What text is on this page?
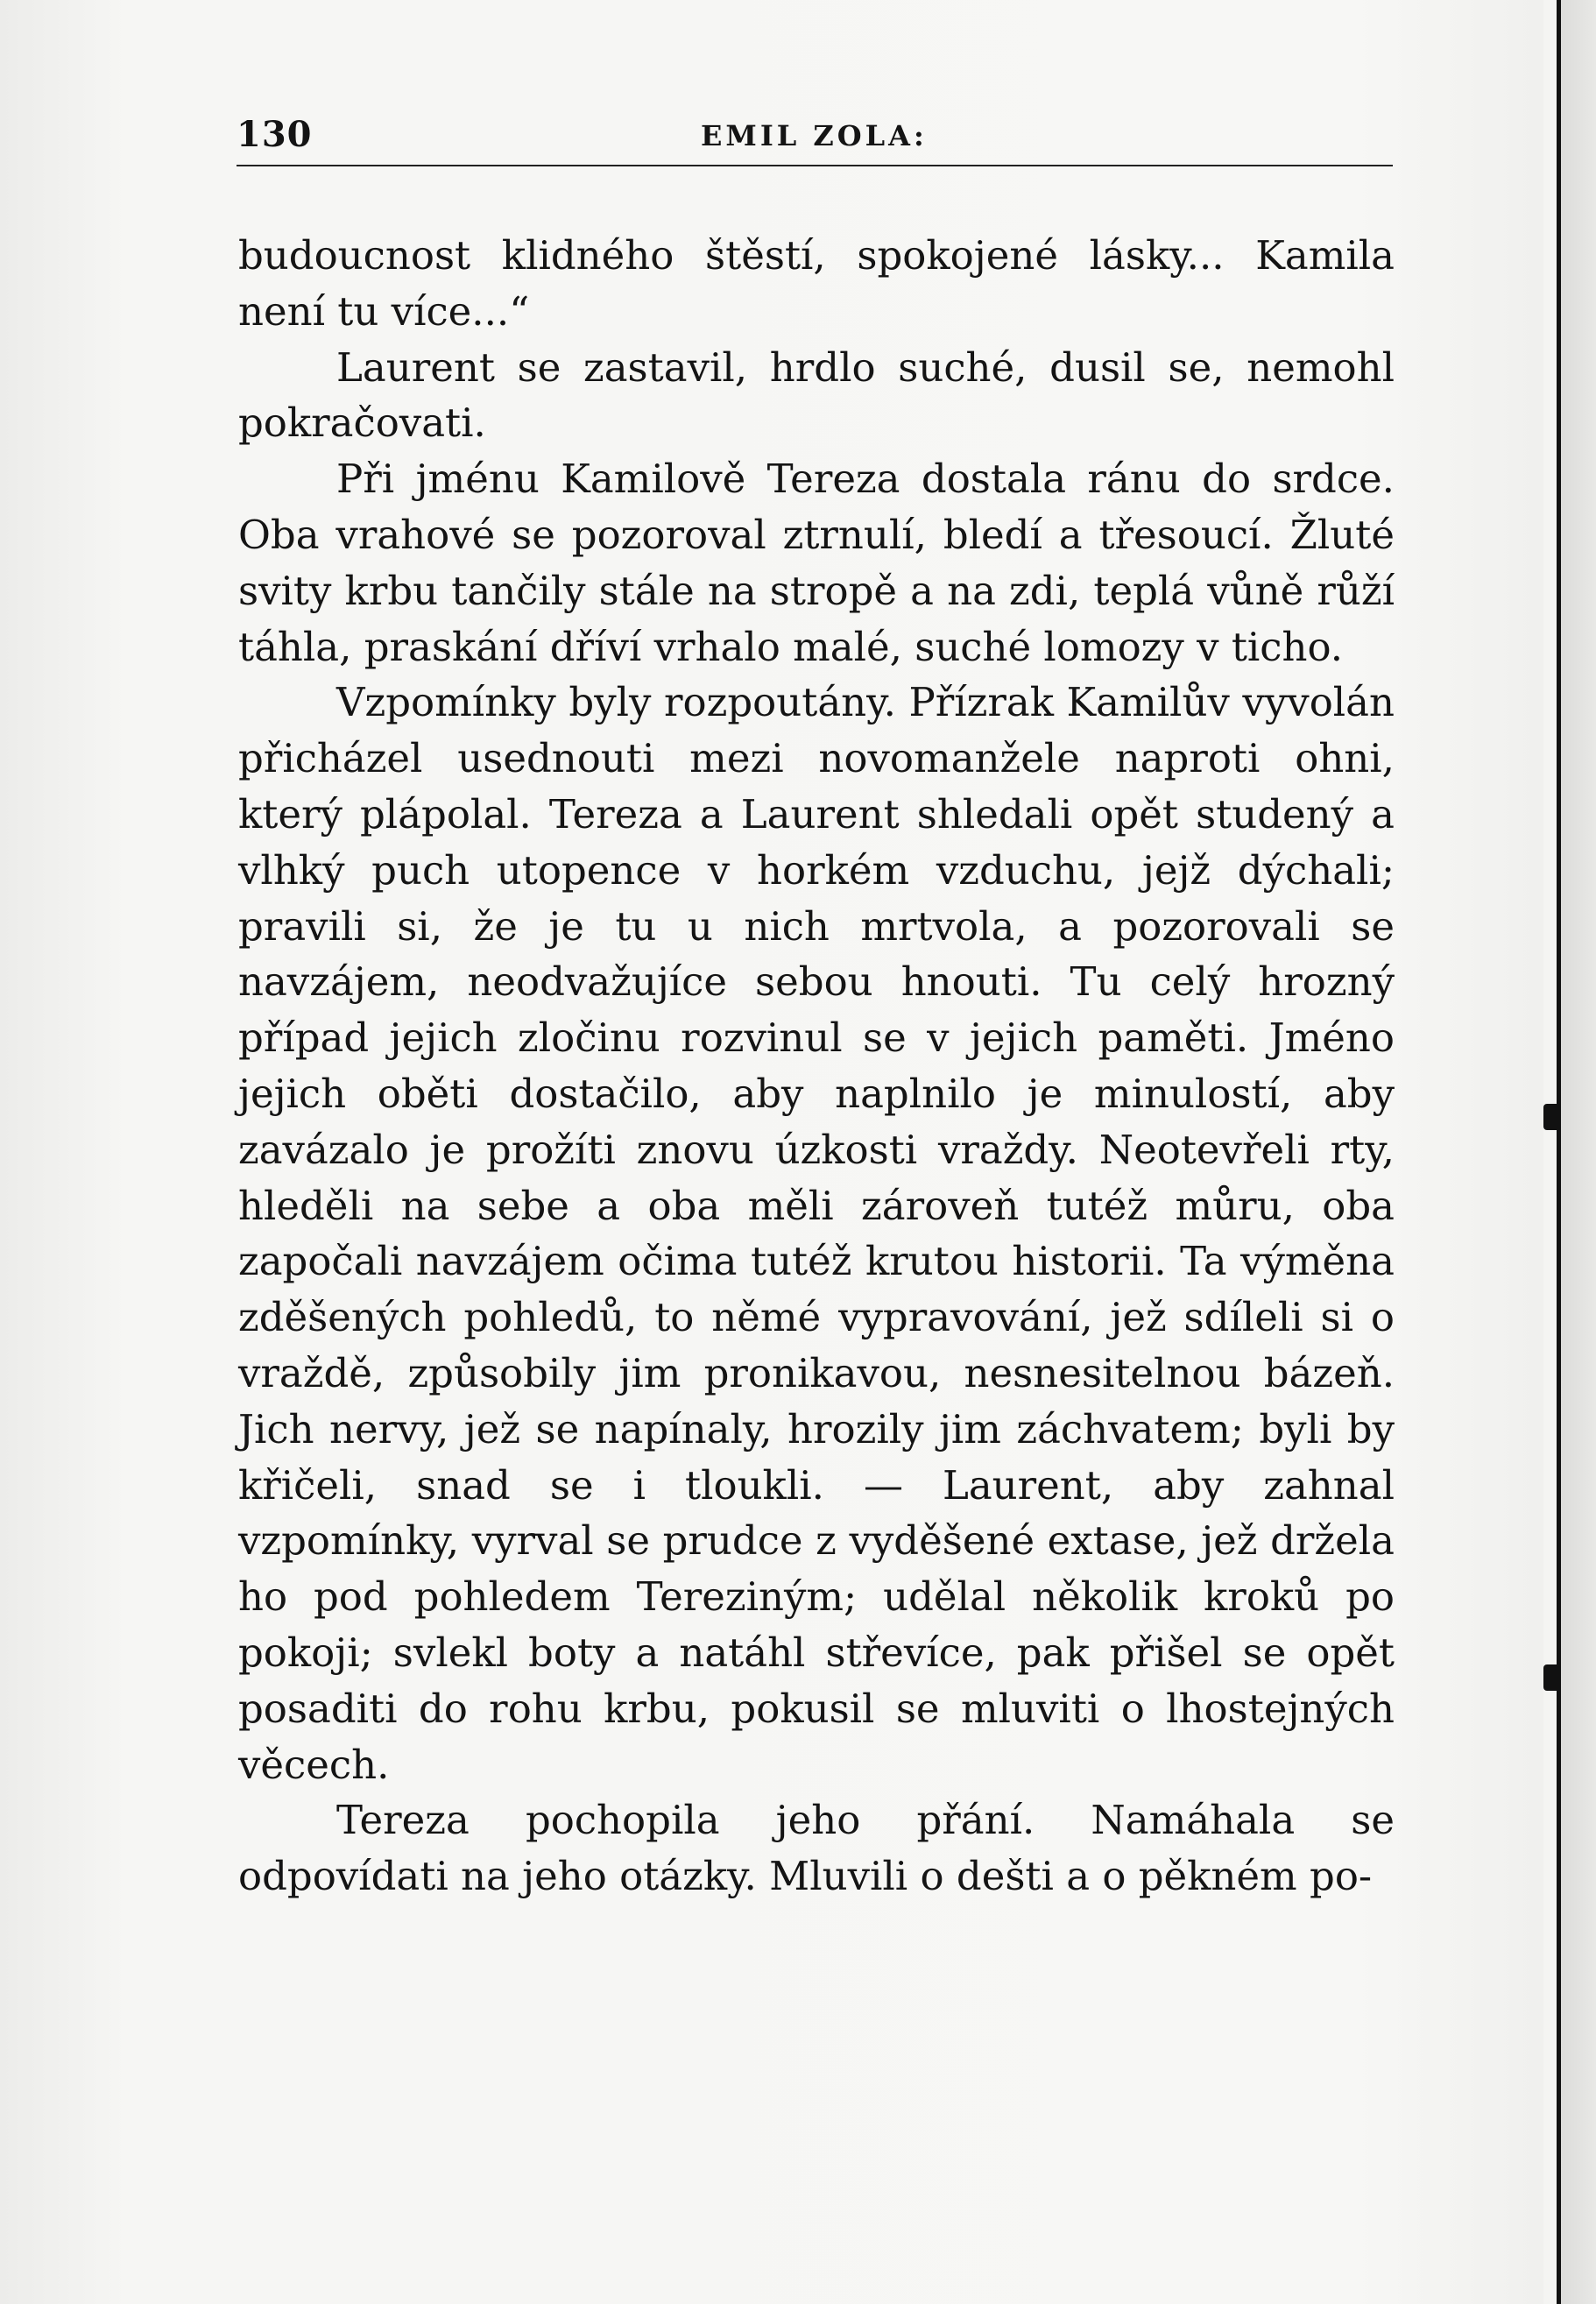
130	EMIL ZOLA:

budoucnost klidného štěstí, spokojené lásky... Kamila není tu více...“

Laurent se zastavil, hrdlo suché, dusil se, nemohl pokračovati.

Při jménu Kamilově Tereza dostala ránu do srdce. Oba vrahové se pozoroval ztrnulí, bledí a třesoucí. Žluté svity krbu tančily stále na stropě a na zdi, teplá vůně růží táhla, praskání dříví vrhalo malé, suché lomozy v ticho.

Vzpomínky byly rozpoutány. Přízrak Kamilův vyvolán přicházel usednouti mezi novomanžele naproti ohni, který plápolal. Tereza a Laurent shledali opět studený a vlhký puch utopence v horkém vzduchu, jejž dýchali; pravili si, že je tu u nich mrtvola, a pozorovali se navzájem, neodvažujíce sebou hnouti. Tu celý hrozný případ jejich zločinu rozvinul se v jejich paměti. Jméno jejich oběti dostačilo, aby naplnilo je minulostí, aby zavázalo je prožíti znovu úzkosti vraždy. Neotevřeli rty, hleděli na sebe a oba měli zároveň tutéž můru, oba započali navzájem očima tutéž krutou historii. Ta výměna zděšených pohledů, to němé vypravování, jež sdíleli si o vraždě, způsobily jim pronikavou, nesnesitelnou bázeň. Jich nervy, jež se napínaly, hrozily jim záchvatem; byli by křičeli, snad se i tloukli. — Laurent, aby zahnal vzpomínky, vyrval se prudce z vyděšené extase, jež držela ho pod pohledem Tereziným; udělal několik kroků po pokoji; svlekl boty a natáhl střevíce, pak přišel se opět posaditi do rohu krbu, pokusil se mluviti o lhostejných věcech.

Tereza pochopila jeho přání. Namáhala se odpovídati na jeho otázky. Mluvili o dešti a o pěkném po-
